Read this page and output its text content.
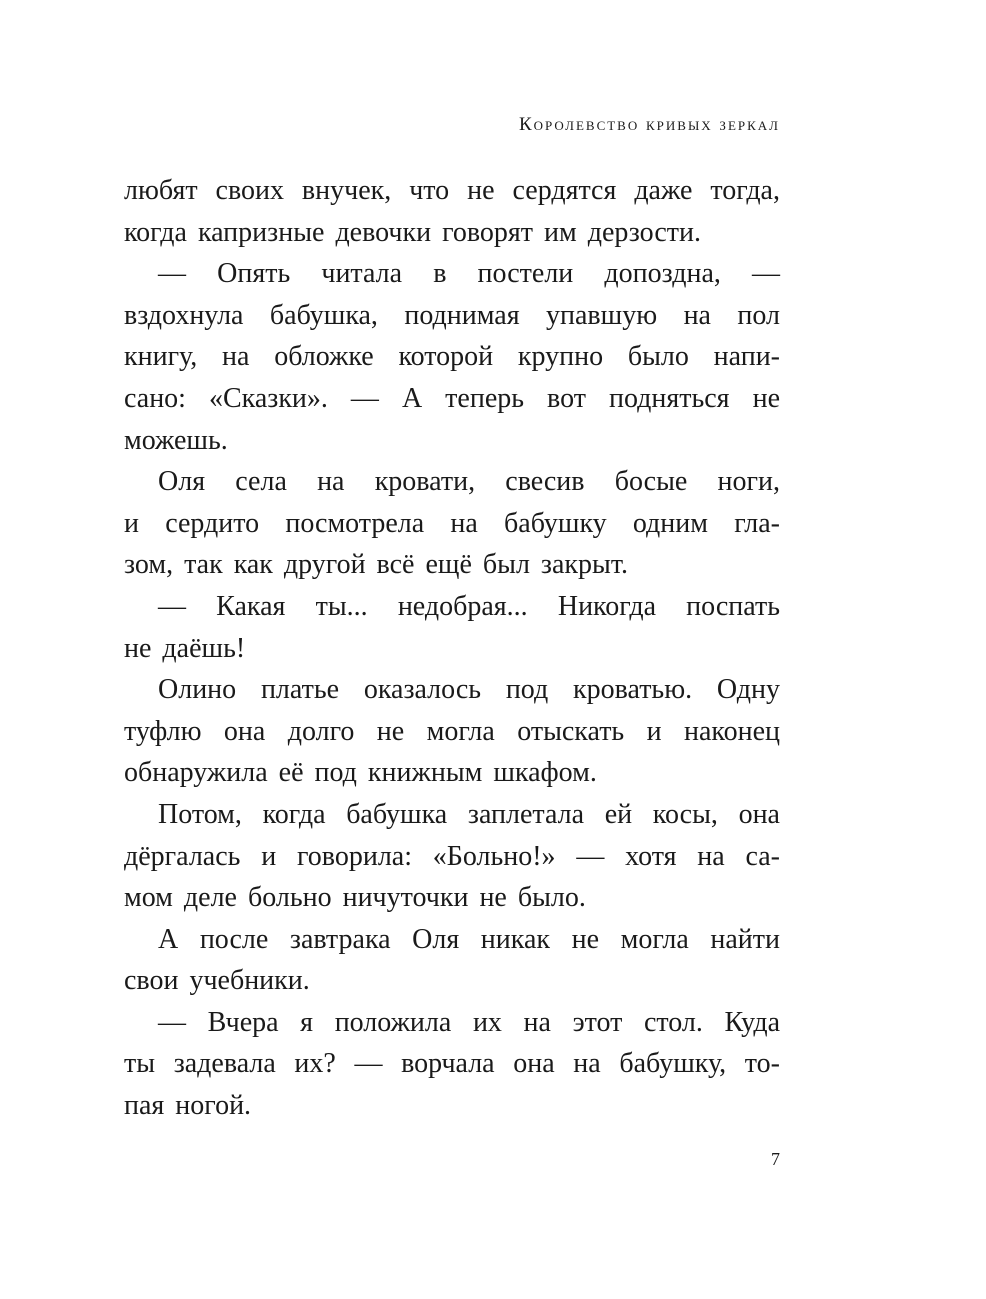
Королевство кривых зеркал
любят своих внучек, что не сердятся даже тогда,
когда капризные девочки говорят им дерзости.
— Опять читала в постели допоздна, —
вздохнула бабушка, поднимая упавшую на пол
книгу, на обложке которой крупно было напи-
сано: «Сказки». — А теперь вот подняться не
можешь.
Оля села на кровати, свесив босые ноги,
и сердито посмотрела на бабушку одним гла-
зом, так как другой всё ещё был закрыт.
— Какая ты... недобрая... Никогда поспать
не даёшь!
Олино платье оказалось под кроватью. Одну
туфлю она долго не могла отыскать и наконец
обнаружила её под книжным шкафом.
Потом, когда бабушка заплетала ей косы, она
дёргалась и говорила: «Больно!» — хотя на са-
мом деле больно ничуточки не было.
А после завтрака Оля никак не могла найти
свои учебники.
— Вчера я положила их на этот стол. Куда
ты задевала их? — ворчала она на бабушку, то-
пая ногой.
7
